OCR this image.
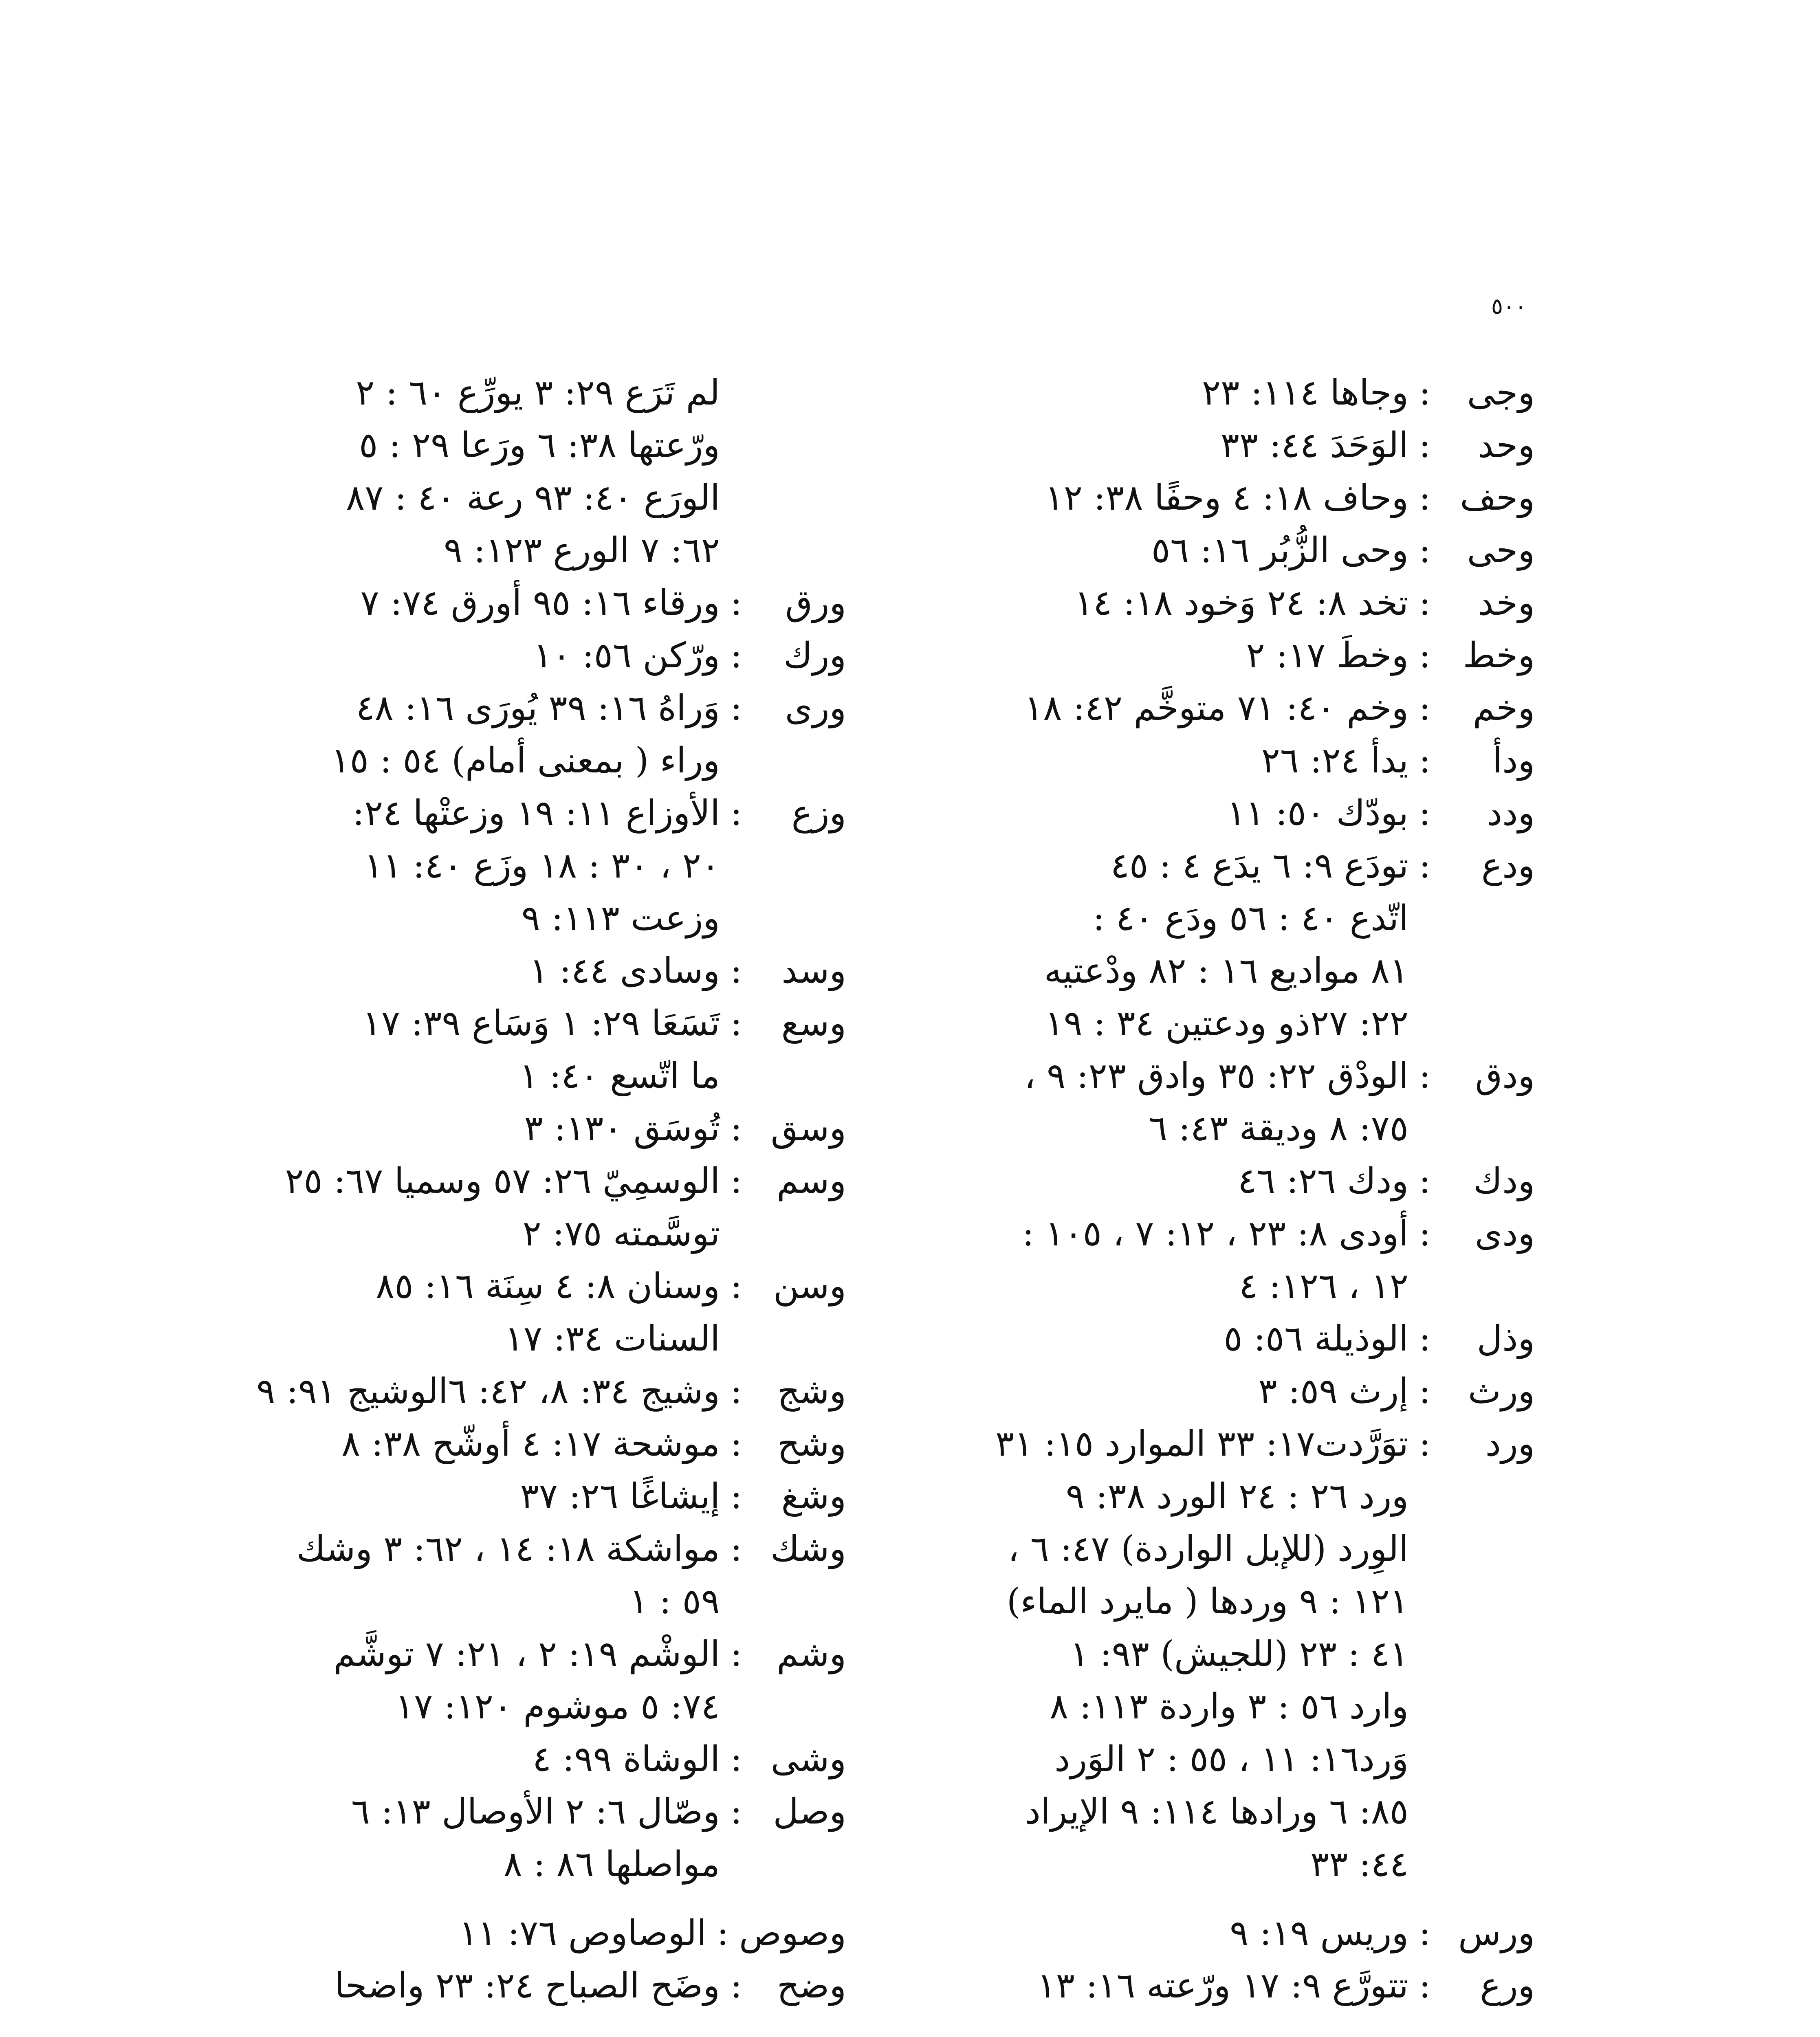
٥٠٠
وجى
:
وجاها ١١٤: ٢٣
وحد
:
الوَحَدَ ٤٤: ٣٣
وحف
:
وحاف ١٨: ٤ وحفًا ٣٨: ١٢
وحى
:
وحى الزُّبُر ١٦: ٥٦
وخد
:
تخد ٨: ٢٤ وَخود ١٨: ١٤
وخط
:
وخطَ ١٧: ٢
وخم
:
وخم ٤٠: ٧١ متوخَّم ٤٢: ١٨
ودأ
:
يدأ ٢٤: ٢٦
ودد
:
بودّك ٥٠: ١١
ودع
:
تودَع ٩: ٦ يدَع ٤ : ٤٥
اتّدع ٤٠ : ٥٦ ودَع ٤٠ :
٨١ مواديع ١٦ : ٨٢ ودْعتيه
٢٢: ٢٧ذو ودعتين ٣٤ : ١٩
ودق
:
الودْق ٢٢: ٣٥ وادق ٢٣: ٩ ،
٧٥: ٨ وديقة ٤٣: ٦
ودك
:
ودك ٢٦: ٤٦
ودى
:
أودى ٨: ٢٣ ، ١٢: ٧ ، ١٠٥ :
١٢ ، ١٢٦: ٤
وذل
:
الوذيلة ٥٦: ٥
ورث
:
إرث ٥٩: ٣
ورد
:
توَرَّدت١٧: ٣٣ الموارد ١٥: ٣١
ورد ٢٦ : ٢٤ الورد ٣٨: ٩
الوِرد (للإبل الواردة) ٤٧: ٦ ،
١٢١ : ٩ وردها ( مايرد الماء)
٤١ : ٢٣ (للجيش) ٩٣: ١
وارد ٥٦ : ٣ واردة ١١٣: ٨
وَرد١٦: ١١ ، ٥٥ : ٢ الوَرد
٨٥: ٦ ورادها ١١٤: ٩ الإيراد
٤٤: ٣٣
ورس
:
وريس ١٩: ٩
ورع
:
تتورَّع ٩: ١٧ ورّعته ١٦: ١٣
لم تَرَع ٢٩: ٣ يورِّع ٦٠ : ٢
ورّعتها ٣٨: ٦ ورَعا ٢٩ : ٥
الورَع ٤٠: ٩٣ رعة ٤٠ : ٨٧
٦٢: ٧ الورع ١٢٣: ٩
ورق
:
ورقاء ١٦: ٩٥ أورق ٧٤: ٧
ورك
:
ورّكن ٥٦: ١٠
ورى
:
وَراهُ ١٦: ٣٩ يُورَى ١٦: ٤٨
وراء ( بمعنى أمام) ٥٤ : ١٥
وزع
:
الأوزاع ١١: ١٩ وزعتْها ٢٤:
٢٠ ، ٣٠ : ١٨ وزَع ٤٠: ١١
وزعت ١١٣: ٩
وسد
:
وسادى ٤٤: ١
وسع
:
تَسَعَا ٢٩: ١ وَسَاع ٣٩: ١٧
ما اتّسع ٤٠: ١
وسق
:
تُوسَق ١٣٠: ٣
وسم
:
الوسمِيّ ٢٦: ٥٧ وسميا ٦٧: ٢٥
توسَّمته ٧٥: ٢
وسن
:
وسنان ٨: ٤ سِنَة ١٦: ٨٥
السنات ٣٤: ١٧
وشج
:
وشيج ٣٤: ٨، ٤٢: ٦الوشيج ٩١: ٩
وشح
:
موشحة ١٧: ٤ أوشّح ٣٨: ٨
وشغ
:
إيشاغًا ٢٦: ٣٧
وشك
:
مواشكة ١٨: ١٤ ، ٦٢: ٣ وشك
٥٩ : ١
وشم
:
الوشْم ١٩: ٢ ، ٢١: ٧ توشَّم
٧٤: ٥ موشوم ١٢٠: ١٧
وشى
:
الوشاة ٩٩: ٤
وصل
:
وصّال ٦: ٢ الأوصال ١٣: ٦
مواصلها ٨٦ : ٨
وصوص
:
الوصاوص ٧٦: ١١
وضح
:
وضَح الصباح ٢٤: ٢٣ واضحا
